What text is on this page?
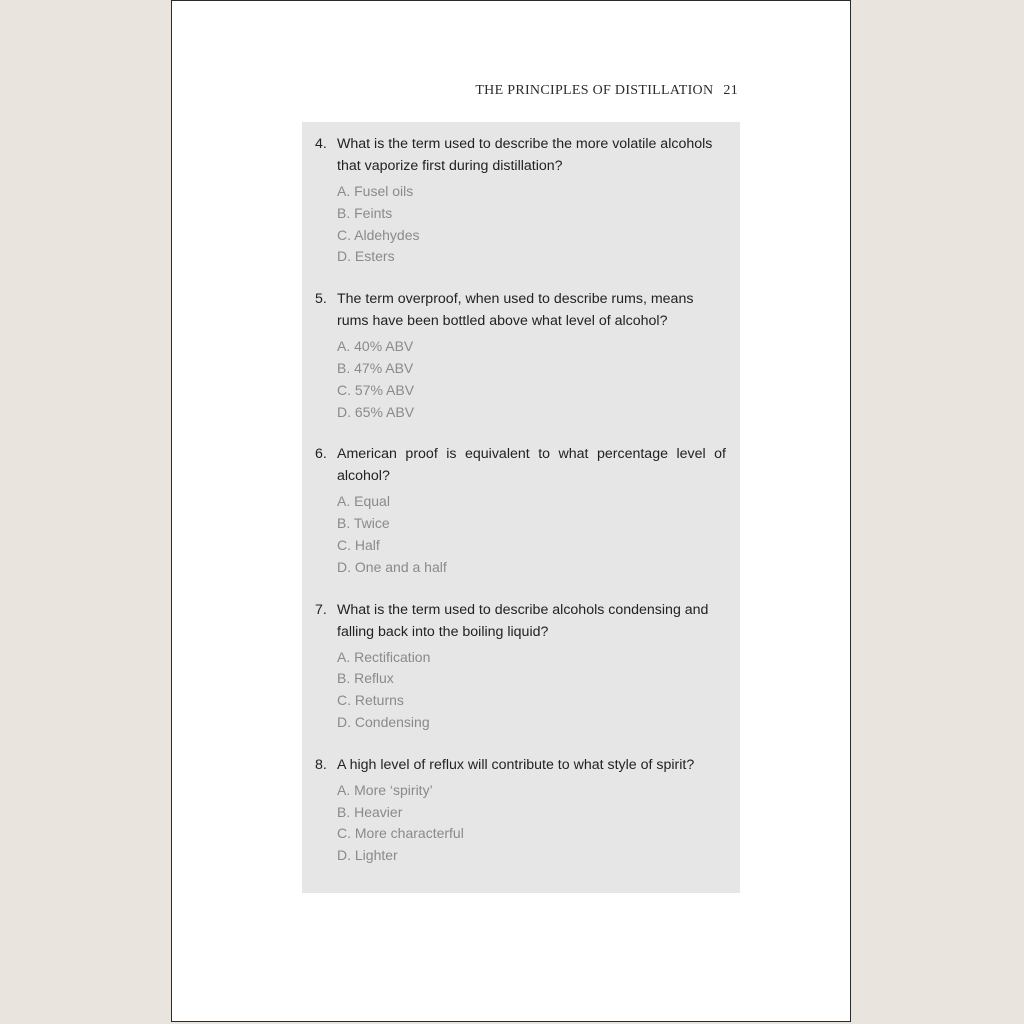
THE PRINCIPLES OF DISTILLATION 21
4. What is the term used to describe the more volatile alcohols that vaporize first during distillation?
A. Fusel oils
B. Feints
C. Aldehydes
D. Esters
5. The term overproof, when used to describe rums, means rums have been bottled above what level of alcohol?
A. 40% ABV
B. 47% ABV
C. 57% ABV
D. 65% ABV
6. American proof is equivalent to what percentage level of alcohol?
A. Equal
B. Twice
C. Half
D. One and a half
7. What is the term used to describe alcohols condensing and falling back into the boiling liquid?
A. Rectification
B. Reflux
C. Returns
D. Condensing
8. A high level of reflux will contribute to what style of spirit?
A. More ‘spirity’
B. Heavier
C. More characterful
D. Lighter
